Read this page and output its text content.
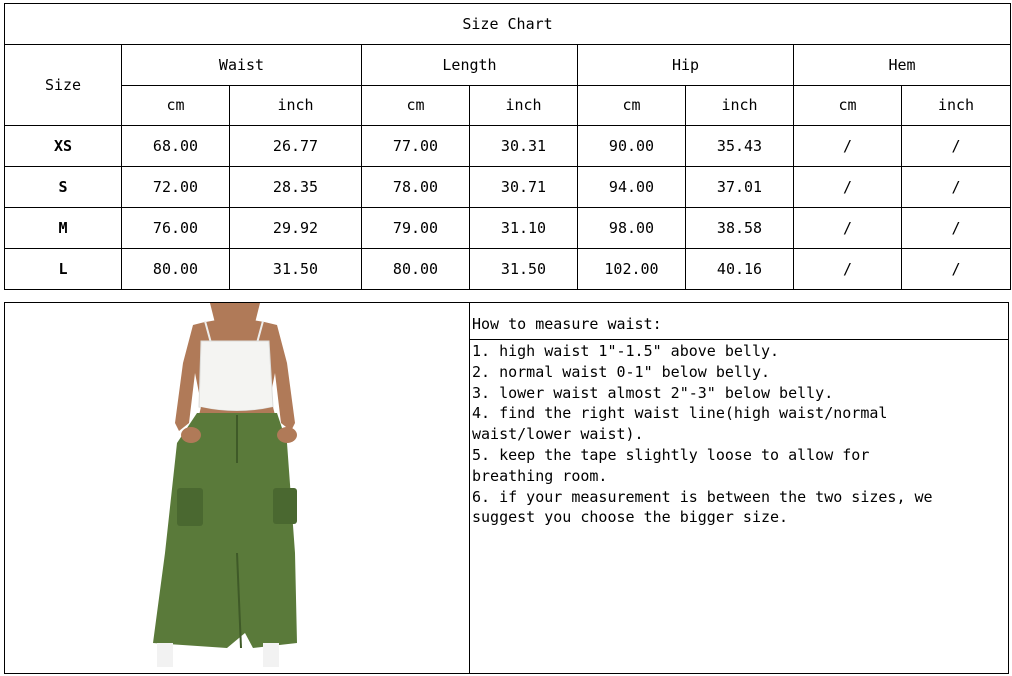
Size Chart								
Size	Waist		Length		Hip		Hem	
	cm	inch	cm	inch	cm	inch	cm	inch
XS	68.00	26.77	77.00	30.31	90.00	35.43	/	/
S	72.00	28.35	78.00	30.71	94.00	37.01	/	/
M	76.00	29.92	79.00	31.10	98.00	38.58	/	/
L	80.00	31.50	80.00	31.50	102.00	40.16	/	/
How to measure waist:
1. high waist 1"-1.5" above belly.
2. normal waist 0-1" below belly.
3. lower waist almost 2"-3" below belly.
4. find the right waist line(high waist/normal
waist/lower waist).
5. keep the tape slightly loose to allow for
breathing room.
6. if your measurement is between the two sizes, we
suggest you choose the bigger size.
